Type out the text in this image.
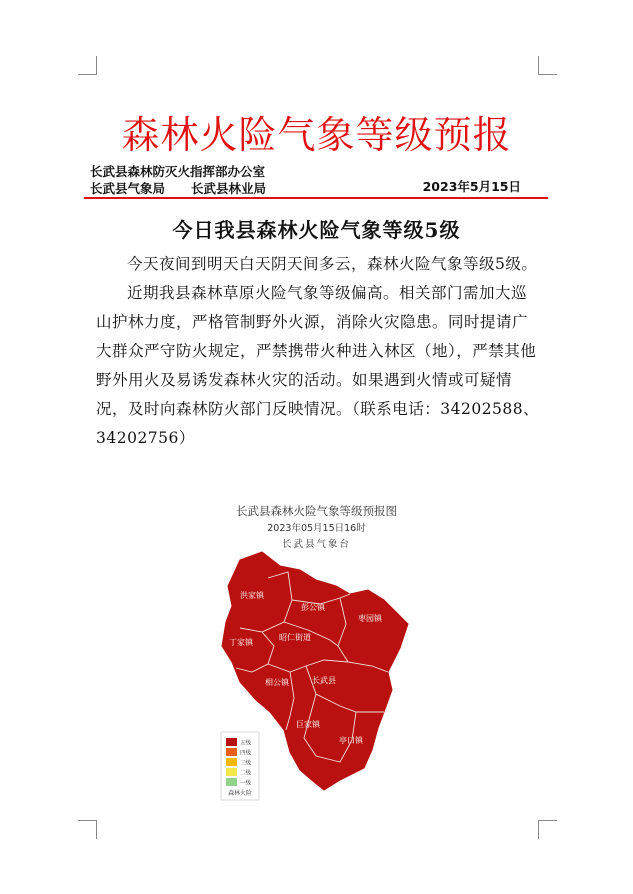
森林火险气象等级预报
长武县森林防灭火指挥部办公室
长武县气象局 长武县林业局	2023年5月15日
今日我县森林火险气象等级5级

今天夜间到明天白天阴天间多云，森林火险气象等级5级。

近期我县森林草原火险气象等级偏高。相关部门需加大巡山护林力度，严格管制野外火源，消除火灾隐患。同时提请广大群众严守防火规定，严禁携带火种进入林区（地），严禁其他野外用火及易诱发森林火灾的活动。如果遇到火情或可疑情况，及时向森林防火部门反映情况。（联系电话：34202588、34202756）

长武县森林火险气象等级预报图
2023年05月15日16时
长武县气象台
洪家镇
彭公镇
枣园镇
丁家镇
昭仁街道
相公镇	长武县
巨家镇
亭口镇
五级
四级
三级
二级
一级
森林火险
